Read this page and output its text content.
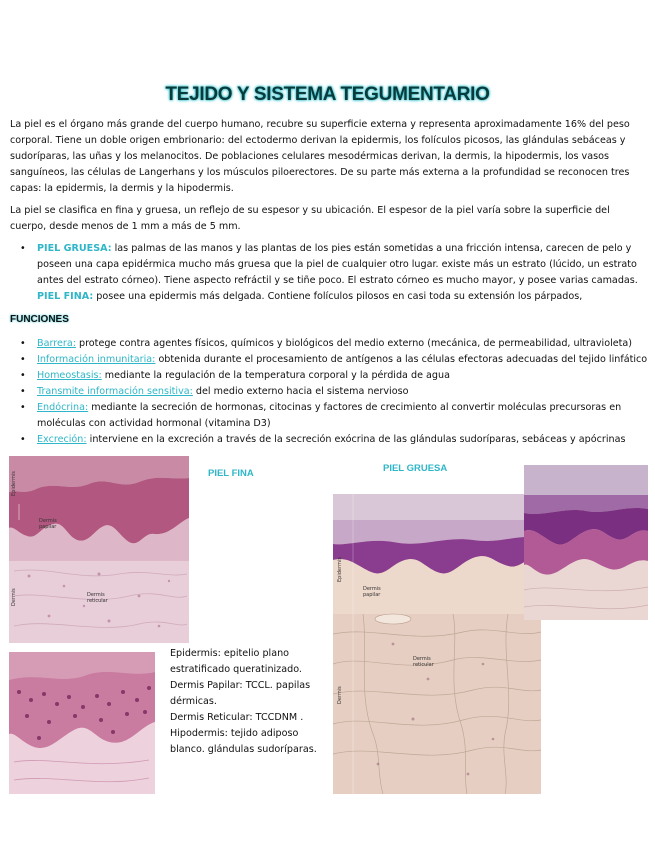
TEJIDO Y SISTEMA TEGUMENTARIO

La piel es el órgano más grande del cuerpo humano, recubre su superficie externa y representa aproximadamente 16% del peso corporal. Tiene un doble origen embrionario: del ectodermo derivan la epidermis, los folículos picosos, las glándulas sebáceas y sudoríparas, las uñas y los melanocitos. De poblaciones celulares mesodérmicas derivan, la dermis, la hipodermis, los vasos sanguíneos, las células de Langerhans y los músculos piloerectores. De su parte más externa a la profundidad se reconocen tres capas: la epidermis, la dermis y la hipodermis.

La piel se clasifica en fina y gruesa, un reflejo de su espesor y su ubicación. El espesor de la piel varía sobre la superficie del cuerpo, desde menos de 1 mm a más de 5 mm.

• PIEL GRUESA: las palmas de las manos y las plantas de los pies están sometidas a una fricción intensa, carecen de pelo y poseen una capa epidérmica mucho más gruesa que la piel de cualquier otro lugar. existe más un estrato (lúcido, un estrato antes del estrato córneo). Tiene aspecto refráctil y se tiñe poco. El estrato córneo es mucho mayor, y posee varias camadas.
PIEL FINA: posee una epidermis más delgada. Contiene folículos pilosos en casi toda su extensión los párpados,
FUNCIONES
• Barrera: protege contra agentes físicos, químicos y biológicos del medio externo (mecánica, de permeabilidad, ultravioleta)
• Información inmunitaria: obtenida durante el procesamiento de antígenos a las células efectoras adecuadas del tejido linfático
• Homeostasis: mediante la regulación de la temperatura corporal y la pérdida de agua
• Transmite información sensitiva: del medio externo hacia el sistema nervioso
• Endócrina: mediante la secreción de hormonas, citocinas y factores de crecimiento al convertir moléculas precursoras en moléculas con actividad hormonal (vitamina D3)
• Excreción: interviene en la excreción a través de la secreción exócrina de las glándulas sudoríparas, sebáceas y apócrinas
PIEL FINA	PIEL GRUESA
Epidermis
Dermis papilar
Dermis	Dermis reticular
Epidermis
Dermis papilar
Dermis
Dermis reticular

Epidermis: epitelio plano estratificado queratinizado.

Dermis Papilar: TCCL. papilas dérmicas.

Dermis Reticular: TCCDNM .

Hipodermis: tejido adiposo blanco. glándulas sudoríparas.
